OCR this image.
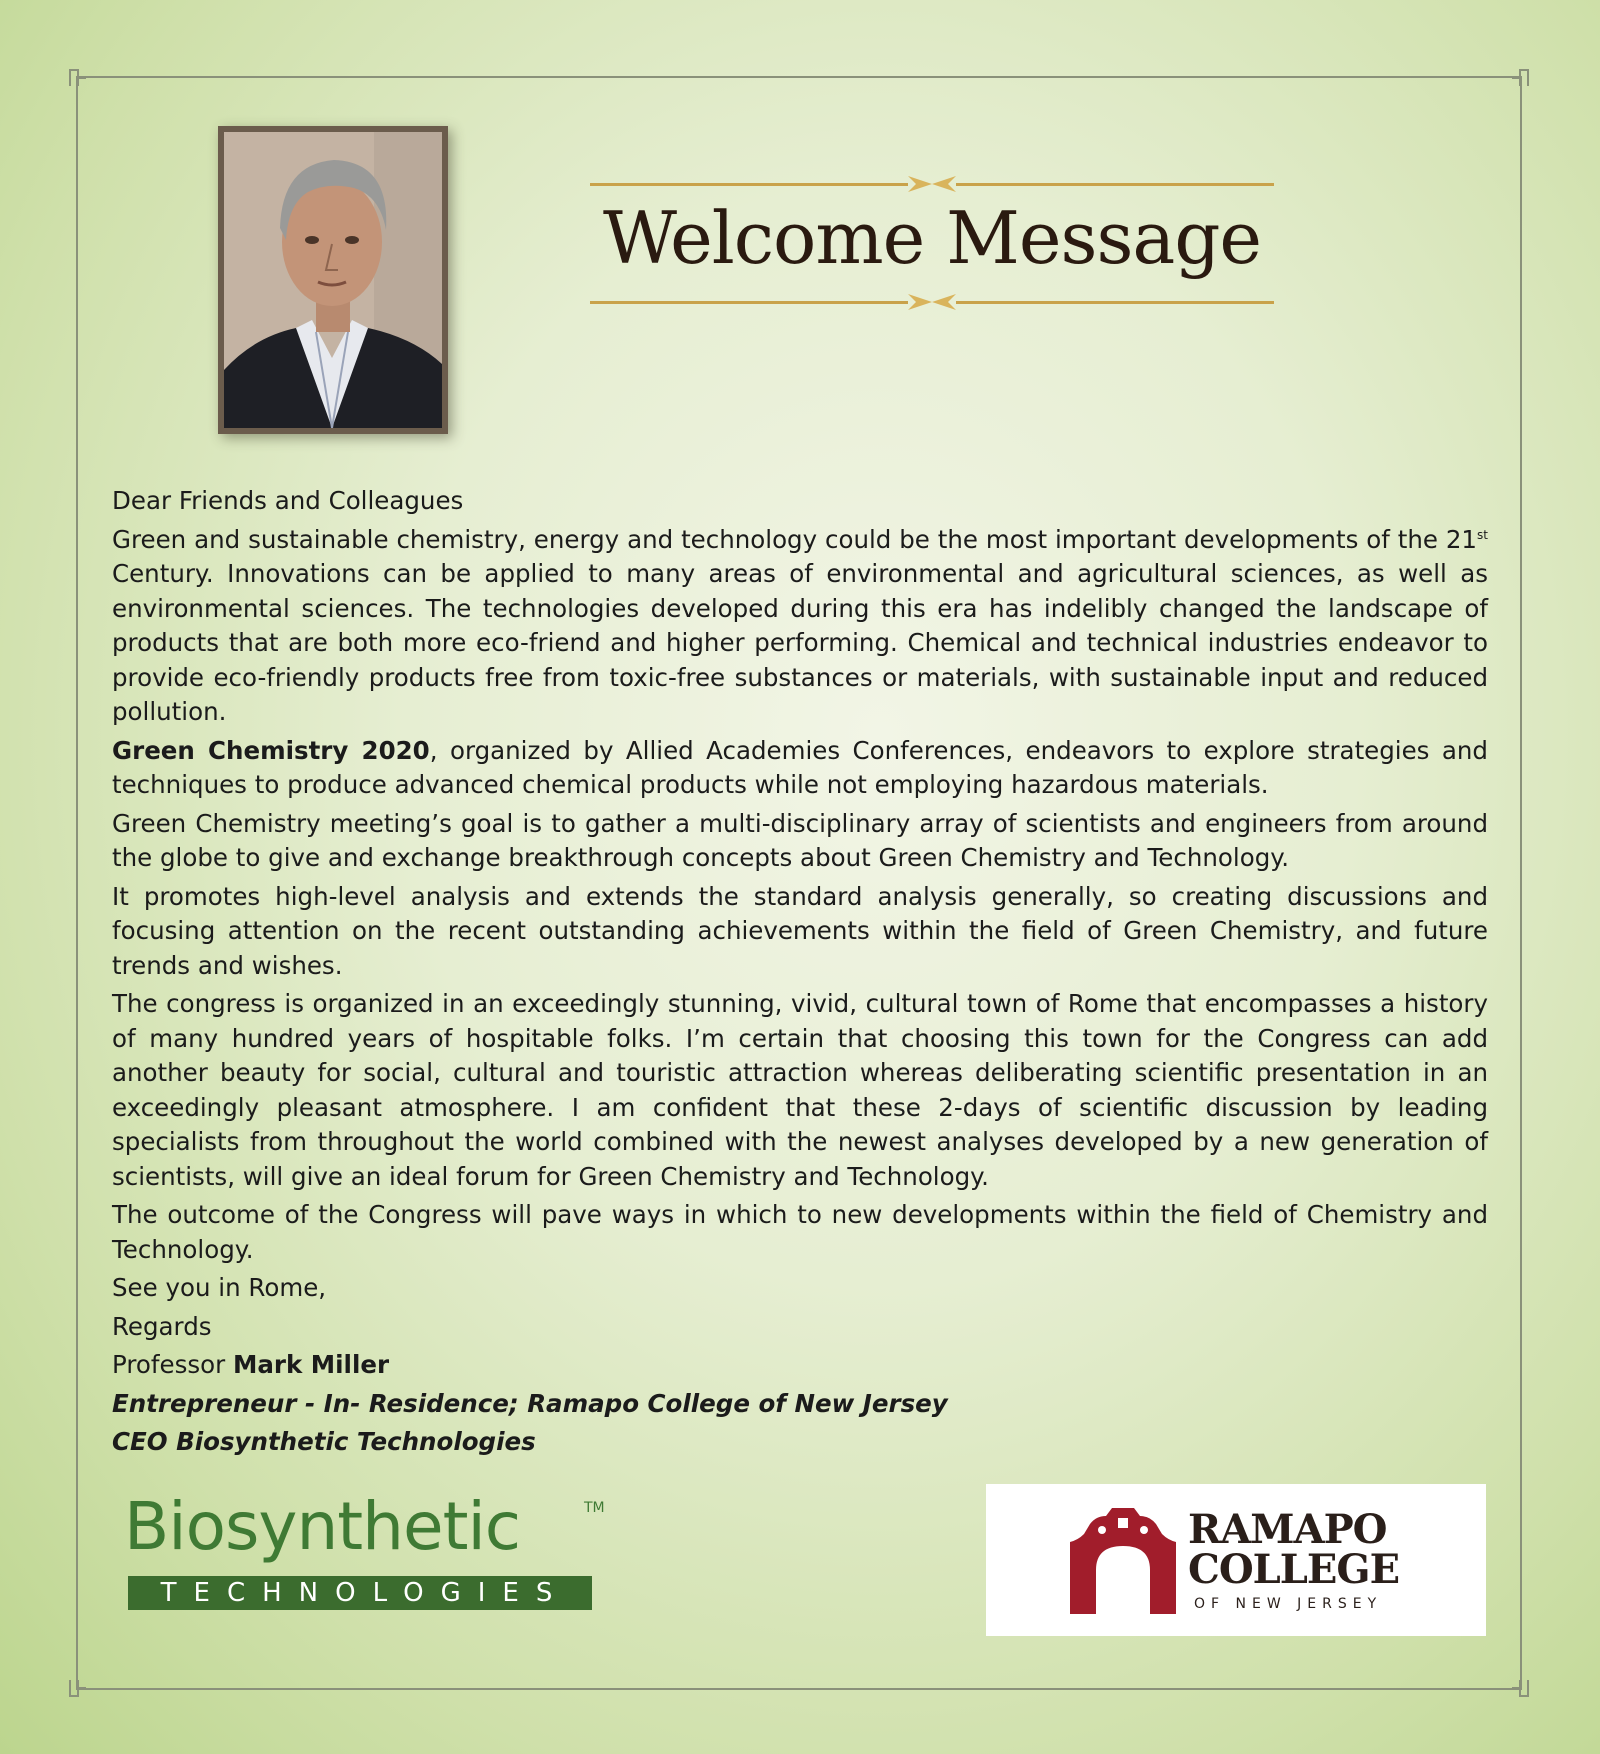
Welcome Message

Dear Friends and Colleagues

Green and sustainable chemistry, energy and technology could be the most important developments of the 21st Century. Innovations can be applied to many areas of environmental and agricultural sciences, as well as environmental sciences. The technologies developed during this era has indelibly changed the landscape of products that are both more eco-friend and higher performing. Chemical and technical industries endeavor to provide eco-friendly products free from toxic-free substances or materials, with sustainable input and reduced pollution.

Green Chemistry 2020, organized by Allied Academies Conferences, endeavors to explore strategies and techniques to produce advanced chemical products while not employing hazardous materials.

Green Chemistry meeting’s goal is to gather a multi-disciplinary array of scientists and engineers from around the globe to give and exchange breakthrough concepts about Green Chemistry and Technology.

It promotes high-level analysis and extends the standard analysis generally, so creating discussions and focusing attention on the recent outstanding achievements within the field of Green Chemistry, and future trends and wishes.

The congress is organized in an exceedingly stunning, vivid, cultural town of Rome that encompasses a history of many hundred years of hospitable folks. I’m certain that choosing this town for the Congress can add another beauty for social, cultural and touristic attraction whereas deliberating scientific presentation in an exceedingly pleasant atmosphere. I am confident that these 2-days of scientific discussion by leading specialists from throughout the world combined with the newest analyses developed by a new generation of scientists, will give an ideal forum for Green Chemistry and Technology.

The outcome of the Congress will pave ways in which to new developments within the field of Chemistry and Technology.

See you in Rome,

Regards

Professor Mark Miller

Entrepreneur - In- Residence; Ramapo College of New Jersey

CEO Biosynthetic Technologies

Biosynthetic	TM
TECHNOLOGIES
RAMAPO
COLLEGE
OF NEW JERSEY
